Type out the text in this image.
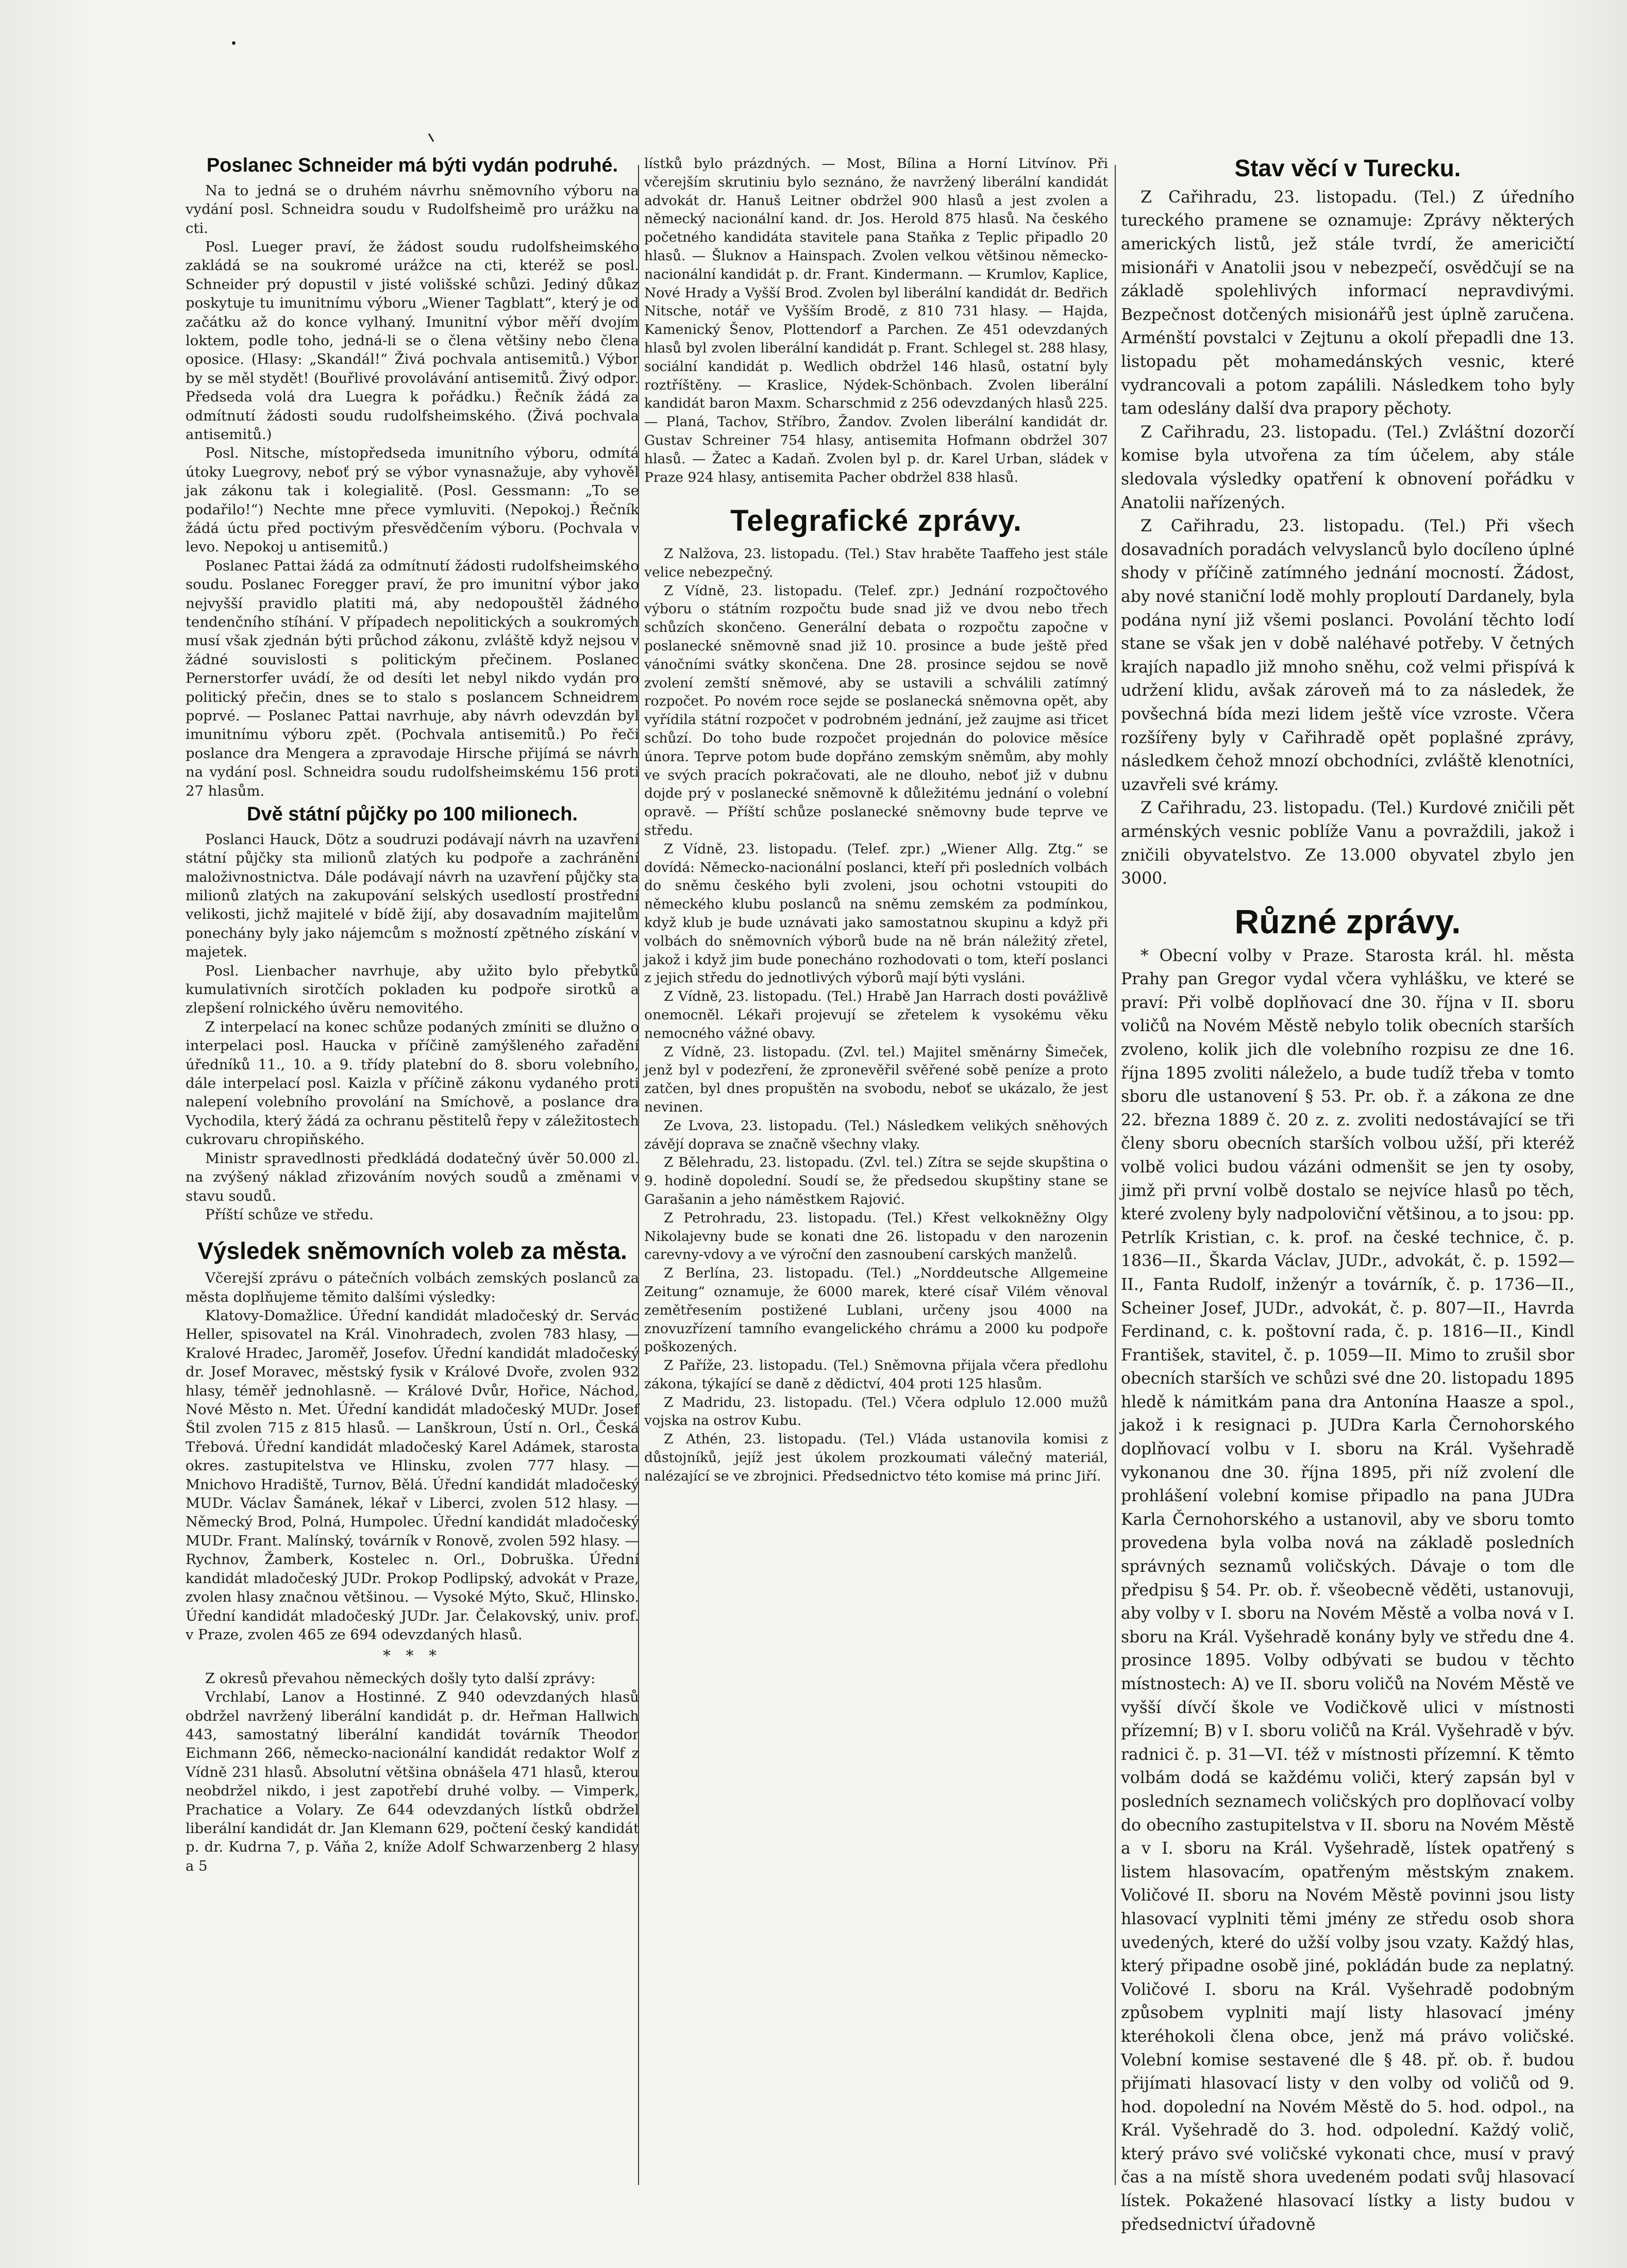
Poslanec Schneider má býti vydán podruhé.

Na to jedná se o druhém návrhu sněmovního výboru na vydání posl. Schneidra soudu v Rudolfsheimě pro urážku na cti.

Posl. Lueger praví, že žádost soudu rudolfsheimského zakládá se na soukromé urážce na cti, kteréž se posl. Schneider prý dopustil v jisté volišské schůzi. Jediný důkaz poskytuje tu imunitnímu výboru „Wiener Tagblatt“, který je od začátku až do konce vylhaný. Imunitní výbor měří dvojím loktem, podle toho, jedná-li se o člena většiny nebo člena oposice. (Hlasy: „Skandál!“ Živá pochvala antisemitů.) Výbor by se měl stydět! (Bouřlivé provolávání antisemitů. Živý odpor. Předseda volá dra Luegra k pořádku.) Řečník žádá za odmítnutí žádosti soudu rudolfsheimského. (Živá pochvala antisemitů.)

Posl. Nitsche, místopředseda imunitního výboru, odmítá útoky Luegrovy, neboť prý se výbor vynasnažuje, aby vyhověl jak zákonu tak i kolegialitě. (Posl. Gessmann: „To se podařilo!“) Nechte mne přece vymluviti. (Nepokoj.) Řečník žádá úctu před poctivým přesvědčením výboru. (Pochvala v levo. Nepokoj u antisemitů.)

Poslanec Pattai žádá za odmítnutí žádosti rudolfsheimského soudu. Poslanec Foregger praví, že pro imunitní výbor jako nejvyšší pravidlo platiti má, aby nedopouštěl žádného tendenčního stíhání. V případech nepolitických a soukromých musí však zjednán býti průchod zákonu, zvláště když nejsou v žádné souvislosti s politickým přečinem. Poslanec Pernerstorfer uvádí, že od desíti let nebyl nikdo vydán pro politický přečin, dnes se to stalo s poslancem Schneidrem poprvé. — Poslanec Pattai navrhuje, aby návrh odevzdán byl imunitnímu výboru zpět. (Pochvala antisemitů.) Po řeči poslance dra Mengera a zpravodaje Hirsche přijímá se návrh na vydání posl. Schneidra soudu rudolfsheimskému 156 proti 27 hlasům.

Dvě státní půjčky po 100 milionech.

Poslanci Hauck, Dötz a soudruzi podávají návrh na uzavření státní půjčky sta milionů zlatých ku podpoře a zachránění maloživnostnictva. Dále podávají návrh na uzavření půjčky sta milionů zlatých na zakupování selských usedlostí prostřední velikosti, jichž majitelé v bídě žijí, aby dosavadním majitelům ponechány byly jako nájemcům s možností zpětného získání v majetek.

Posl. Lienbacher navrhuje, aby užito bylo přebytků kumulativních sirotčích pokladen ku podpoře sirotků a zlepšení rolnického úvěru nemovitého.

Z interpelací na konec schůze podaných zmíniti se dlužno o interpelaci posl. Haucka v příčině zamýšleného zařadění úředníků 11., 10. a 9. třídy platební do 8. sboru volebního, dále interpelací posl. Kaizla v příčině zákonu vydaného proti nalepení volebního provolání na Smíchově, a poslance dra Vychodila, který žádá za ochranu pěstitelů řepy v záležitostech cukrovaru chropiňského.

Ministr spravedlnosti předkládá dodatečný úvěr 50.000 zl. na zvýšený náklad zřizováním nových soudů a změnami v stavu soudů.

Příští schůze ve středu.

Výsledek sněmovních voleb za města.

Včerejší zprávu o pátečních volbách zemských poslanců za města doplňujeme těmito dalšími výsledky:

Klatovy-Domažlice. Úřední kandidát mladočeský dr. Servác Heller, spisovatel na Král. Vinohradech, zvolen 783 hlasy, — Kralové Hradec, Jaroměř, Josefov. Úřední kandidát mladočeský dr. Josef Moravec, městský fysik v Králové Dvoře, zvolen 932 hlasy, téměř jednohlasně. — Králové Dvůr, Hořice, Náchod, Nové Město n. Met. Úřední kandidát mladočeský MUDr. Josef Štil zvolen 715 z 815 hlasů. — Lanškroun, Ústí n. Orl., Česká Třebová. Úřední kandidát mladočeský Karel Adámek, starosta okres. zastupitelstva ve Hlinsku, zvolen 777 hlasy. — Mnichovo Hradiště, Turnov, Bělá. Úřední kandidát mladočeský MUDr. Václav Šamánek, lékař v Liberci, zvolen 512 hlasy. — Německý Brod, Polná, Humpolec. Úřední kandidát mladočeský MUDr. Frant. Malínský, továrník v Ronově, zvolen 592 hlasy. — Rychnov, Žamberk, Kostelec n. Orl., Dobruška. Úřední kandidát mladočeský JUDr. Prokop Podlipský, advokát v Praze, zvolen hlasy značnou většinou. — Vysoké Mýto, Skuč, Hlinsko. Úřední kandidát mladočeský JUDr. Jar. Čelakovský, univ. prof. v Praze, zvolen 465 ze 694 odevzdaných hlasů.

* * *

Z okresů převahou německých došly tyto další zprávy:

Vrchlabí, Lanov a Hostinné. Z 940 odevzdaných hlasů obdržel navržený liberální kandidát p. dr. Heřman Hallwich 443, samostatný liberální kandidát továrník Theodor Eichmann 266, německo-nacionální kandidát redaktor Wolf z Vídně 231 hlasů. Absolutní většina obnášela 471 hlasů, kterou neobdržel nikdo, i jest zapotřebí druhé volby. — Vimperk, Prachatice a Volary. Ze 644 odevzdaných lístků obdržel liberální kandidát dr. Jan Klemann 629, počtení český kandidát p. dr. Kudrna 7, p. Váňa 2, kníže Adolf Schwarzenberg 2 hlasy a 5

lístků bylo prázdných. — Most, Bílina a Horní Litvínov. Při včerejším skrutiniu bylo seznáno, že navržený liberální kandidát advokát dr. Hanuš Leitner obdržel 900 hlasů a jest zvolen a německý nacionální kand. dr. Jos. Herold 875 hlasů. Na českého početného kandidáta stavitele pana Staňka z Teplic připadlo 20 hlasů. — Šluknov a Hainspach. Zvolen velkou většinou německo-nacionální kandidát p. dr. Frant. Kindermann. — Krumlov, Kaplice, Nové Hrady a Vyšší Brod. Zvolen byl liberální kandidát dr. Bedřich Nitsche, notář ve Vyšším Brodě, z 810 731 hlasy. — Hajda, Kamenický Šenov, Plottendorf a Parchen. Ze 451 odevzdaných hlasů byl zvolen liberální kandidát p. Frant. Schlegel st. 288 hlasy, sociální kandidát p. Wedlich obdržel 146 hlasů, ostatní byly roztříštěny. — Kraslice, Nýdek-Schönbach. Zvolen liberální kandidát baron Maxm. Scharschmid z 256 odevzdaných hlasů 225. — Planá, Tachov, Stříbro, Žandov. Zvolen liberální kandidát dr. Gustav Schreiner 754 hlasy, antisemita Hofmann obdržel 307 hlasů. — Žatec a Kadaň. Zvolen byl p. dr. Karel Urban, sládek v Praze 924 hlasy, antisemita Pacher obdržel 838 hlasů.

Telegrafické zprávy.

Z Nalžova, 23. listopadu. (Tel.) Stav hraběte Taaffeho jest stále velice nebezpečný.

Z Vídně, 23. listopadu. (Telef. zpr.) Jednání rozpočtového výboru o státním rozpočtu bude snad již ve dvou nebo třech schůzích skončeno. Generální debata o rozpočtu započne v poslanecké sněmovně snad již 10. prosince a bude ještě před vánočními svátky skončena. Dne 28. prosince sejdou se nově zvolení zemští sněmové, aby se ustavili a schválili zatímný rozpočet. Po novém roce sejde se poslanecká sněmovna opět, aby vyřídila státní rozpočet v podrobném jednání, jež zaujme asi třicet schůzí. Do toho bude rozpočet projednán do polovice měsíce února. Teprve potom bude dopřáno zemským sněmům, aby mohly ve svých pracích pokračovati, ale ne dlouho, neboť již v dubnu dojde prý v poslanecké sněmovně k důležitému jednání o volební opravě. — Příští schůze poslanecké sněmovny bude teprve ve středu.

Z Vídně, 23. listopadu. (Telef. zpr.) „Wiener Allg. Ztg.“ se dovídá: Německo-nacionální poslanci, kteří při posledních volbách do sněmu českého byli zvoleni, jsou ochotni vstoupiti do německého klubu poslanců na sněmu zemském za podmínkou, když klub je bude uznávati jako samostatnou skupinu a když při volbách do sněmovních výborů bude na ně brán náležitý zřetel, jakož i když jim bude ponecháno rozhodovati o tom, kteří poslanci z jejich středu do jednotlivých výborů mají býti vysláni.

Z Vídně, 23. listopadu. (Tel.) Hrabě Jan Harrach dosti povážlivě onemocněl. Lékaři projevují se zřetelem k vysokému věku nemocného vážné obavy.

Z Vídně, 23. listopadu. (Zvl. tel.) Majitel směnárny Šimeček, jenž byl v podezření, že zpronevěřil svěřené sobě peníze a proto zatčen, byl dnes propuštěn na svobodu, neboť se ukázalo, že jest nevinen.

Ze Lvova, 23. listopadu. (Tel.) Následkem velikých sněhových závějí doprava se značně všechny vlaky.

Z Bělehradu, 23. listopadu. (Zvl. tel.) Zítra se sejde skupština o 9. hodině dopolední. Soudí se, že předsedou skupštiny stane se Garašanin a jeho náměstkem Rajović.

Z Petrohradu, 23. listopadu. (Tel.) Křest velkokněžny Olgy Nikolajevny bude se konati dne 26. listopadu v den narozenin carevny-vdovy a ve výroční den zasnoubení carských manželů.

Z Berlína, 23. listopadu. (Tel.) „Norddeutsche Allgemeine Zeitung“ oznamuje, že 6000 marek, které císař Vilém věnoval zemětřesením postižené Lublani, určeny jsou 4000 na znovuzřízení tamního evangelického chrámu a 2000 ku podpoře poškozených.

Z Paříže, 23. listopadu. (Tel.) Sněmovna přijala včera předlohu zákona, týkající se daně z dědictví, 404 proti 125 hlasům.

Z Madridu, 23. listopadu. (Tel.) Včera odplulo 12.000 mužů vojska na ostrov Kubu.

Z Athén, 23. listopadu. (Tel.) Vláda ustanovila komisi z důstojníků, jejíž jest úkolem prozkoumati válečný materiál, nalézající se ve zbrojnici. Předsednictvo této komise má princ Jiří.

Stav věcí v Turecku.

Z Cařihradu, 23. listopadu. (Tel.) Z úředního tureckého pramene se oznamuje: Zprávy některých amerických listů, jež stále tvrdí, že americičtí misionáři v Anatolii jsou v nebezpečí, osvědčují se na základě spolehlivých informací nepravdivými. Bezpečnost dotčených misionářů jest úplně zaručena. Arménští povstalci v Zejtunu a okolí přepadli dne 13. listopadu pět mohamedánských vesnic, které vydrancovali a potom zapálili. Následkem toho byly tam odeslány další dva prapory pěchoty.

Z Cařihradu, 23. listopadu. (Tel.) Zvláštní dozorčí komise byla utvořena za tím účelem, aby stále sledovala výsledky opatření k obnovení pořádku v Anatolii nařízených.

Z Cařihradu, 23. listopadu. (Tel.) Při všech dosavadních poradách velvyslanců bylo docíleno úplné shody v příčině zatímného jednání mocností. Žádost, aby nové staniční lodě mohly proploutí Dardanely, byla podána nyní již všemi poslanci. Povolání těchto lodí stane se však jen v době naléhavé potřeby. V četných krajích napadlo již mnoho sněhu, což velmi přispívá k udržení klidu, avšak zároveň má to za následek, že povšechná bída mezi lidem ještě více vzroste. Včera rozšířeny byly v Cařihradě opět poplašné zprávy, následkem čehož mnozí obchodníci, zvláště klenotníci, uzavřeli své krámy.

Z Cařihradu, 23. listopadu. (Tel.) Kurdové zničili pět arménských vesnic poblíže Vanu a povraždili, jakož i zničili obyvatelstvo. Ze 13.000 obyvatel zbylo jen 3000.

Různé zprávy.

* Obecní volby v Praze. Starosta král. hl. města Prahy pan Gregor vydal včera vyhlášku, ve které se praví: Při volbě doplňovací dne 30. října v II. sboru voličů na Novém Městě nebylo tolik obecních starších zvoleno, kolik jich dle volebního rozpisu ze dne 16. října 1895 zvoliti náleželo, a bude tudíž třeba v tomto sboru dle ustanovení § 53. Pr. ob. ř. a zákona ze dne 22. března 1889 č. 20 z. z. zvoliti nedostávající se tři členy sboru obecních starších volbou užší, při kteréž volbě volici budou vázáni odmenšit se jen ty osoby, jimž při první volbě dostalo se nejvíce hlasů po těch, které zvoleny byly nadpoloviční většinou, a to jsou: pp. Petrlík Kristian, c. k. prof. na české technice, č. p. 1836—II., Škarda Václav, JUDr., advokát, č. p. 1592—II., Fanta Rudolf, inženýr a továrník, č. p. 1736—II., Scheiner Josef, JUDr., advokát, č. p. 807—II., Havrda Ferdinand, c. k. poštovní rada, č. p. 1816—II., Kindl František, stavitel, č. p. 1059—II. Mimo to zrušil sbor obecních starších ve schůzi své dne 20. listopadu 1895 hledě k námitkám pana dra Antonína Haasze a spol., jakož i k resignaci p. JUDra Karla Černohorského doplňovací volbu v I. sboru na Král. Vyšehradě vykonanou dne 30. října 1895, při níž zvolení dle prohlášení volební komise připadlo na pana JUDra Karla Černohorského a ustanovil, aby ve sboru tomto provedena byla volba nová na základě posledních správných seznamů voličských. Dávaje o tom dle předpisu § 54. Pr. ob. ř. všeobecně věděti, ustanovuji, aby volby v I. sboru na Novém Městě a volba nová v I. sboru na Král. Vyšehradě konány byly ve středu dne 4. prosince 1895. Volby odbývati se budou v těchto místnostech: A) ve II. sboru voličů na Novém Městě ve vyšší dívčí škole ve Vodičkově ulici v místnosti přízemní; B) v I. sboru voličů na Král. Vyšehradě v býv. radnici č. p. 31—VI. též v místnosti přízemní. K těmto volbám dodá se každému voliči, který zapsán byl v posledních seznamech voličských pro doplňovací volby do obecního zastupitelstva v II. sboru na Novém Městě a v I. sboru na Král. Vyšehradě, lístek opatřený s listem hlasovacím, opatřeným městským znakem. Voličové II. sboru na Novém Městě povinni jsou listy hlasovací vyplniti těmi jmény ze středu osob shora uvedených, které do užší volby jsou vzaty. Každý hlas, který připadne osobě jiné, pokládán bude za neplatný. Voličové I. sboru na Král. Vyšehradě podobným způsobem vyplniti mají listy hlasovací jmény kteréhokoli člena obce, jenž má právo voličské. Volební komise sestavené dle § 48. př. ob. ř. budou přijímati hlasovací listy v den volby od voličů od 9. hod. dopolední na Novém Městě do 5. hod. odpol., na Král. Vyšehradě do 3. hod. odpolední. Každý volič, který právo své voličské vykonati chce, musí v pravý čas a na místě shora uvedeném podati svůj hlasovací lístek. Pokažené hlasovací lístky a listy budou v předsednictví úřadovně
